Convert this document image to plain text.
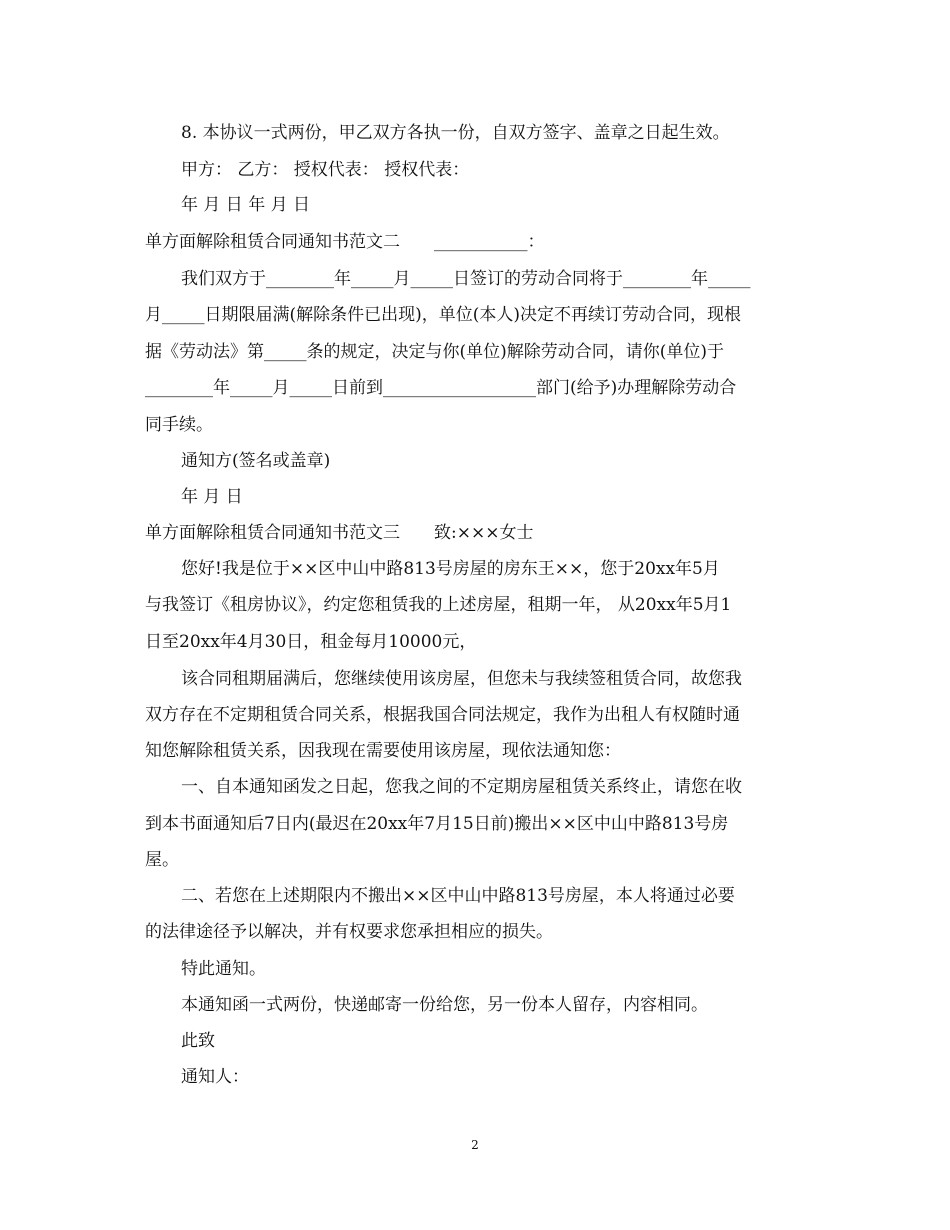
8. 本协议一式两份，甲乙双方各执一份，自双方签字、盖章之日起生效。
甲方： 乙方： 授权代表： 授权代表：
年 月 日 年 月 日
单方面解除租赁合同通知书范文二　　___________：
我们双方于________年_____月_____日签订的劳动合同将于________年_____
月_____日期限届满(解除条件已出现)，单位(本人)决定不再续订劳动合同，现根
据《劳动法》第_____条的规定，决定与你(单位)解除劳动合同，请你(单位)于
________年_____月_____日前到__________________部门(给予)办理解除劳动合
同手续。
通知方(签名或盖章)
年 月 日
单方面解除租赁合同通知书范文三　　致:×××女士
您好!我是位于××区中山中路813号房屋的房东王××，您于20xx年5月
与我签订《租房协议》，约定您租赁我的上述房屋，租期一年， 从20xx年5月1
日至20xx年4月30日，租金每月10000元，
该合同租期届满后，您继续使用该房屋，但您未与我续签租赁合同，故您我
双方存在不定期租赁合同关系，根据我国合同法规定，我作为出租人有权随时通
知您解除租赁关系，因我现在需要使用该房屋，现依法通知您：
一、自本通知函发之日起，您我之间的不定期房屋租赁关系终止，请您在收
到本书面通知后7日内(最迟在20xx年7月15日前)搬出××区中山中路813号房
屋。
二、若您在上述期限内不搬出××区中山中路813号房屋，本人将通过必要
的法律途径予以解决，并有权要求您承担相应的损失。
特此通知。
本通知函一式两份，快递邮寄一份给您，另一份本人留存，内容相同。
此致
通知人：
2
